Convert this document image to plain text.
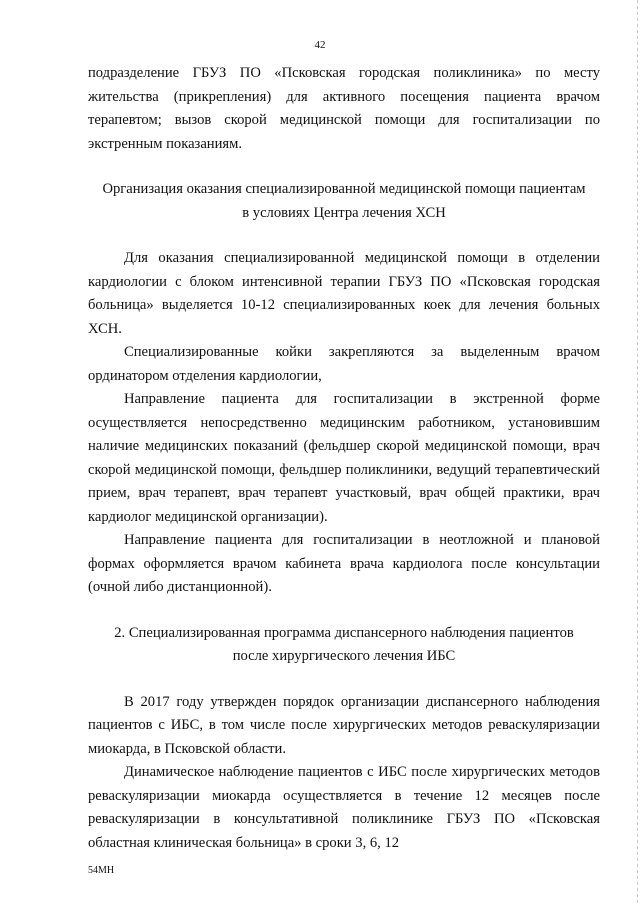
42

подразделение ГБУЗ ПО «Псковская городская поликлиника» по месту жительства (прикрепления) для активного посещения пациента врачом терапевтом; вызов скорой медицинской помощи для госпитализации по экстренным показаниям.

Организация оказания специализированной медицинской помощи пациентам в условиях Центра лечения ХСН

Для оказания специализированной медицинской помощи в отделении кардиологии с блоком интенсивной терапии ГБУЗ ПО «Псковская городская больница» выделяется 10-12 специализированных коек для лечения больных ХСН.

Специализированные койки закрепляются за выделенным врачом ординатором отделения кардиологии,

Направление пациента для госпитализации в экстренной форме осуществляется непосредственно медицинским работником, установившим наличие медицинских показаний (фельдшер скорой медицинской помощи, врач скорой медицинской помощи, фельдшер поликлиники, ведущий терапевтический прием, врач терапевт, врач терапевт участковый, врач общей практики, врач кардиолог медицинской организации).

Направление пациента для госпитализации в неотложной и плановой формах оформляется врачом кабинета врача кардиолога после консультации (очной либо дистанционной).

2. Специализированная программа диспансерного наблюдения пациентов после хирургического лечения ИБС

В 2017 году утвержден порядок организации диспансерного наблюдения пациентов с ИБС, в том числе после хирургических методов реваскуляризации миокарда, в Псковской области.

Динамическое наблюдение пациентов с ИБС после хирургических методов реваскуляризации миокарда осуществляется в течение 12 месяцев после реваскуляризации в консультативной поликлинике ГБУЗ ПО «Псковская областная клиническая больница» в сроки 3, 6, 12

54МН
